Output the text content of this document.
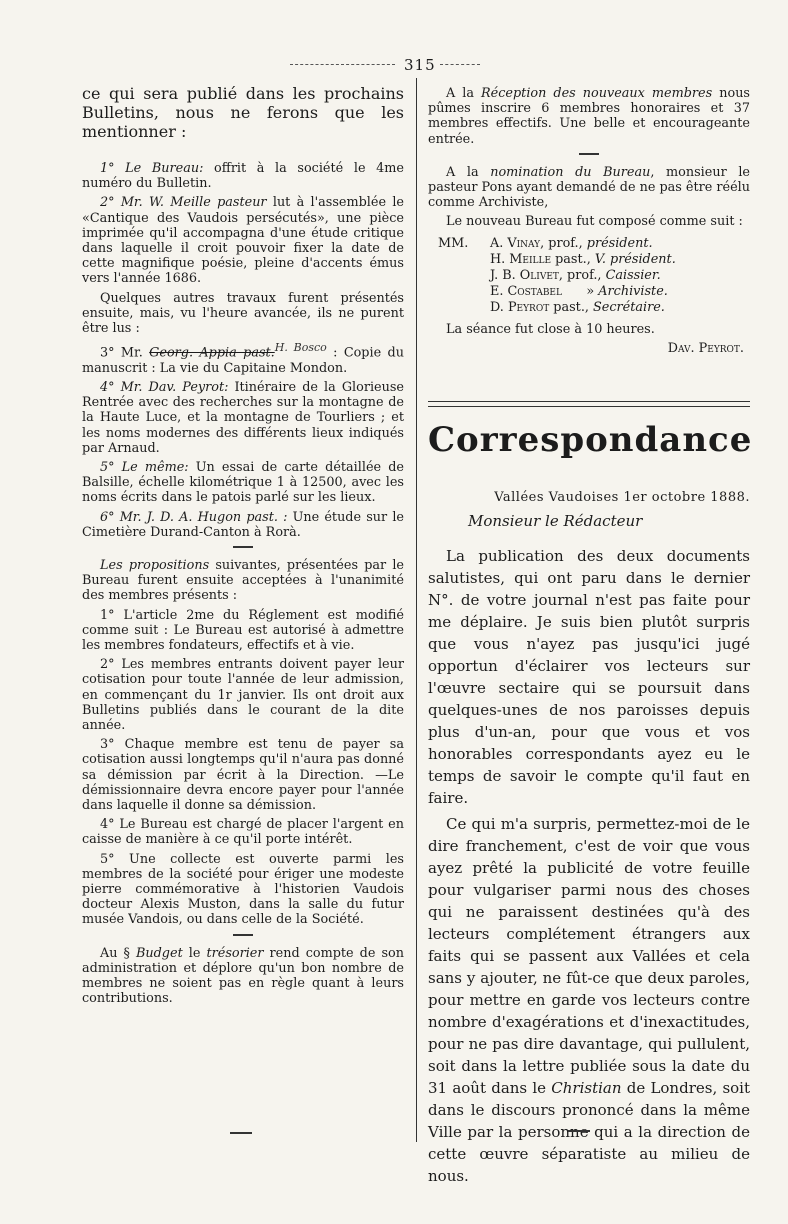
315

ce qui sera publié dans les prochains Bulletins, nous ne ferons que les mentionner :

1° Le Bureau: offrit à la société le 4me numéro du Bulletin.

2° Mr. W. Meille pasteur lut à l'assemblée le «Cantique des Vaudois persécutés», une pièce imprimée qu'il accompagna d'une étude critique dans laquelle il croit pouvoir fixer la date de cette magnifique poésie, pleine d'accents émus vers l'année 1686.

Quelques autres travaux furent présentés ensuite, mais, vu l'heure avancée, ils ne purent être lus :

3° Mr. Georg. Appia past.H. Bosco : Copie du manuscrit : La vie du Capitaine Mondon.

4° Mr. Dav. Peyrot: Itinéraire de la Glorieuse Rentrée avec des recherches sur la montagne de la Haute Luce, et la montagne de Tourliers ; et les noms modernes des différents lieux indiqués par Arnaud.

5° Le même: Un essai de carte détaillée de Balsille, échelle kilométrique 1 à 12500, avec les noms écrits dans le patois parlé sur les lieux.

6° Mr. J. D. A. Hugon past. : Une étude sur le Cimetière Durand-Canton à Rorà.

Les propositions suivantes, présentées par le Bureau furent ensuite acceptées à l'unanimité des membres présents :

1° L'article 2me du Réglement est modifié comme suit : Le Bureau est autorisé à admettre les membres fondateurs, effectifs et à vie.

2° Les membres entrants doivent payer leur cotisation pour toute l'année de leur admission, en commençant du 1r janvier. Ils ont droit aux Bulletins publiés dans le courant de la dite année.

3° Chaque membre est tenu de payer sa cotisation aussi longtemps qu'il n'aura pas donné sa démission par écrit à la Direction. —Le démissionnaire devra encore payer pour l'année dans laquelle il donne sa démission.

4° Le Bureau est chargé de placer l'argent en caisse de manière à ce qu'il porte intérêt.

5° Une collecte est ouverte parmi les membres de la société pour ériger une modeste pierre commémorative à l'historien Vaudois docteur Alexis Muston, dans la salle du futur musée Vandois, ou dans celle de la Société.

Au § Budget le trésorier rend compte de son administration et déplore qu'un bon nombre de membres ne soient pas en règle quant à leurs contributions.

A la Réception des nouveaux membres nous pûmes inscrire 6 membres honoraires et 37 membres effectifs. Une belle et encourageante entrée.

A la nomination du Bureau, monsieur le pasteur Pons ayant demandé de ne pas être réélu comme Archiviste,

Le nouveau Bureau fut composé comme suit :

MM.	A. Vinay, prof., président.
H. Meille past., V. président.
J. B. Olivet, prof., Caissier.
E. Costabel      » Archiviste.
D. Peyrot past., Secrétaire.

La séance fut close à 10 heures.

Dav. Peyrot.

Correspondance
Vallées Vaudoises 1er octobre 1888.
Monsieur le Rédacteur

La publication des deux documents salutistes, qui ont paru dans le dernier N°. de votre journal n'est pas faite pour me déplaire. Je suis bien plutôt surpris que vous n'ayez pas jusqu'ici jugé opportun d'éclairer vos lecteurs sur l'œuvre sectaire qui se poursuit dans quelques-unes de nos paroisses depuis plus d'un-an, pour que vous et vos honorables correspondants ayez eu le temps de savoir le compte qu'il faut en faire.

Ce qui m'a surpris, permettez-moi de le dire franchement, c'est de voir que vous ayez prêté la publicité de votre feuille pour vulgariser parmi nous des choses qui ne paraissent destinées qu'à des lecteurs complétement étrangers aux faits qui se passent aux Vallées et cela sans y ajouter, ne fût-ce que deux paroles, pour mettre en garde vos lecteurs contre nombre d'exagérations et d'inexactitudes, pour ne pas dire davantage, qui pullulent, soit dans la lettre publiée sous la date du 31 août dans le Christian de Londres, soit dans le discours prononcé dans la même Ville par la personne qui a la direction de cette œuvre séparatiste au milieu de nous.
